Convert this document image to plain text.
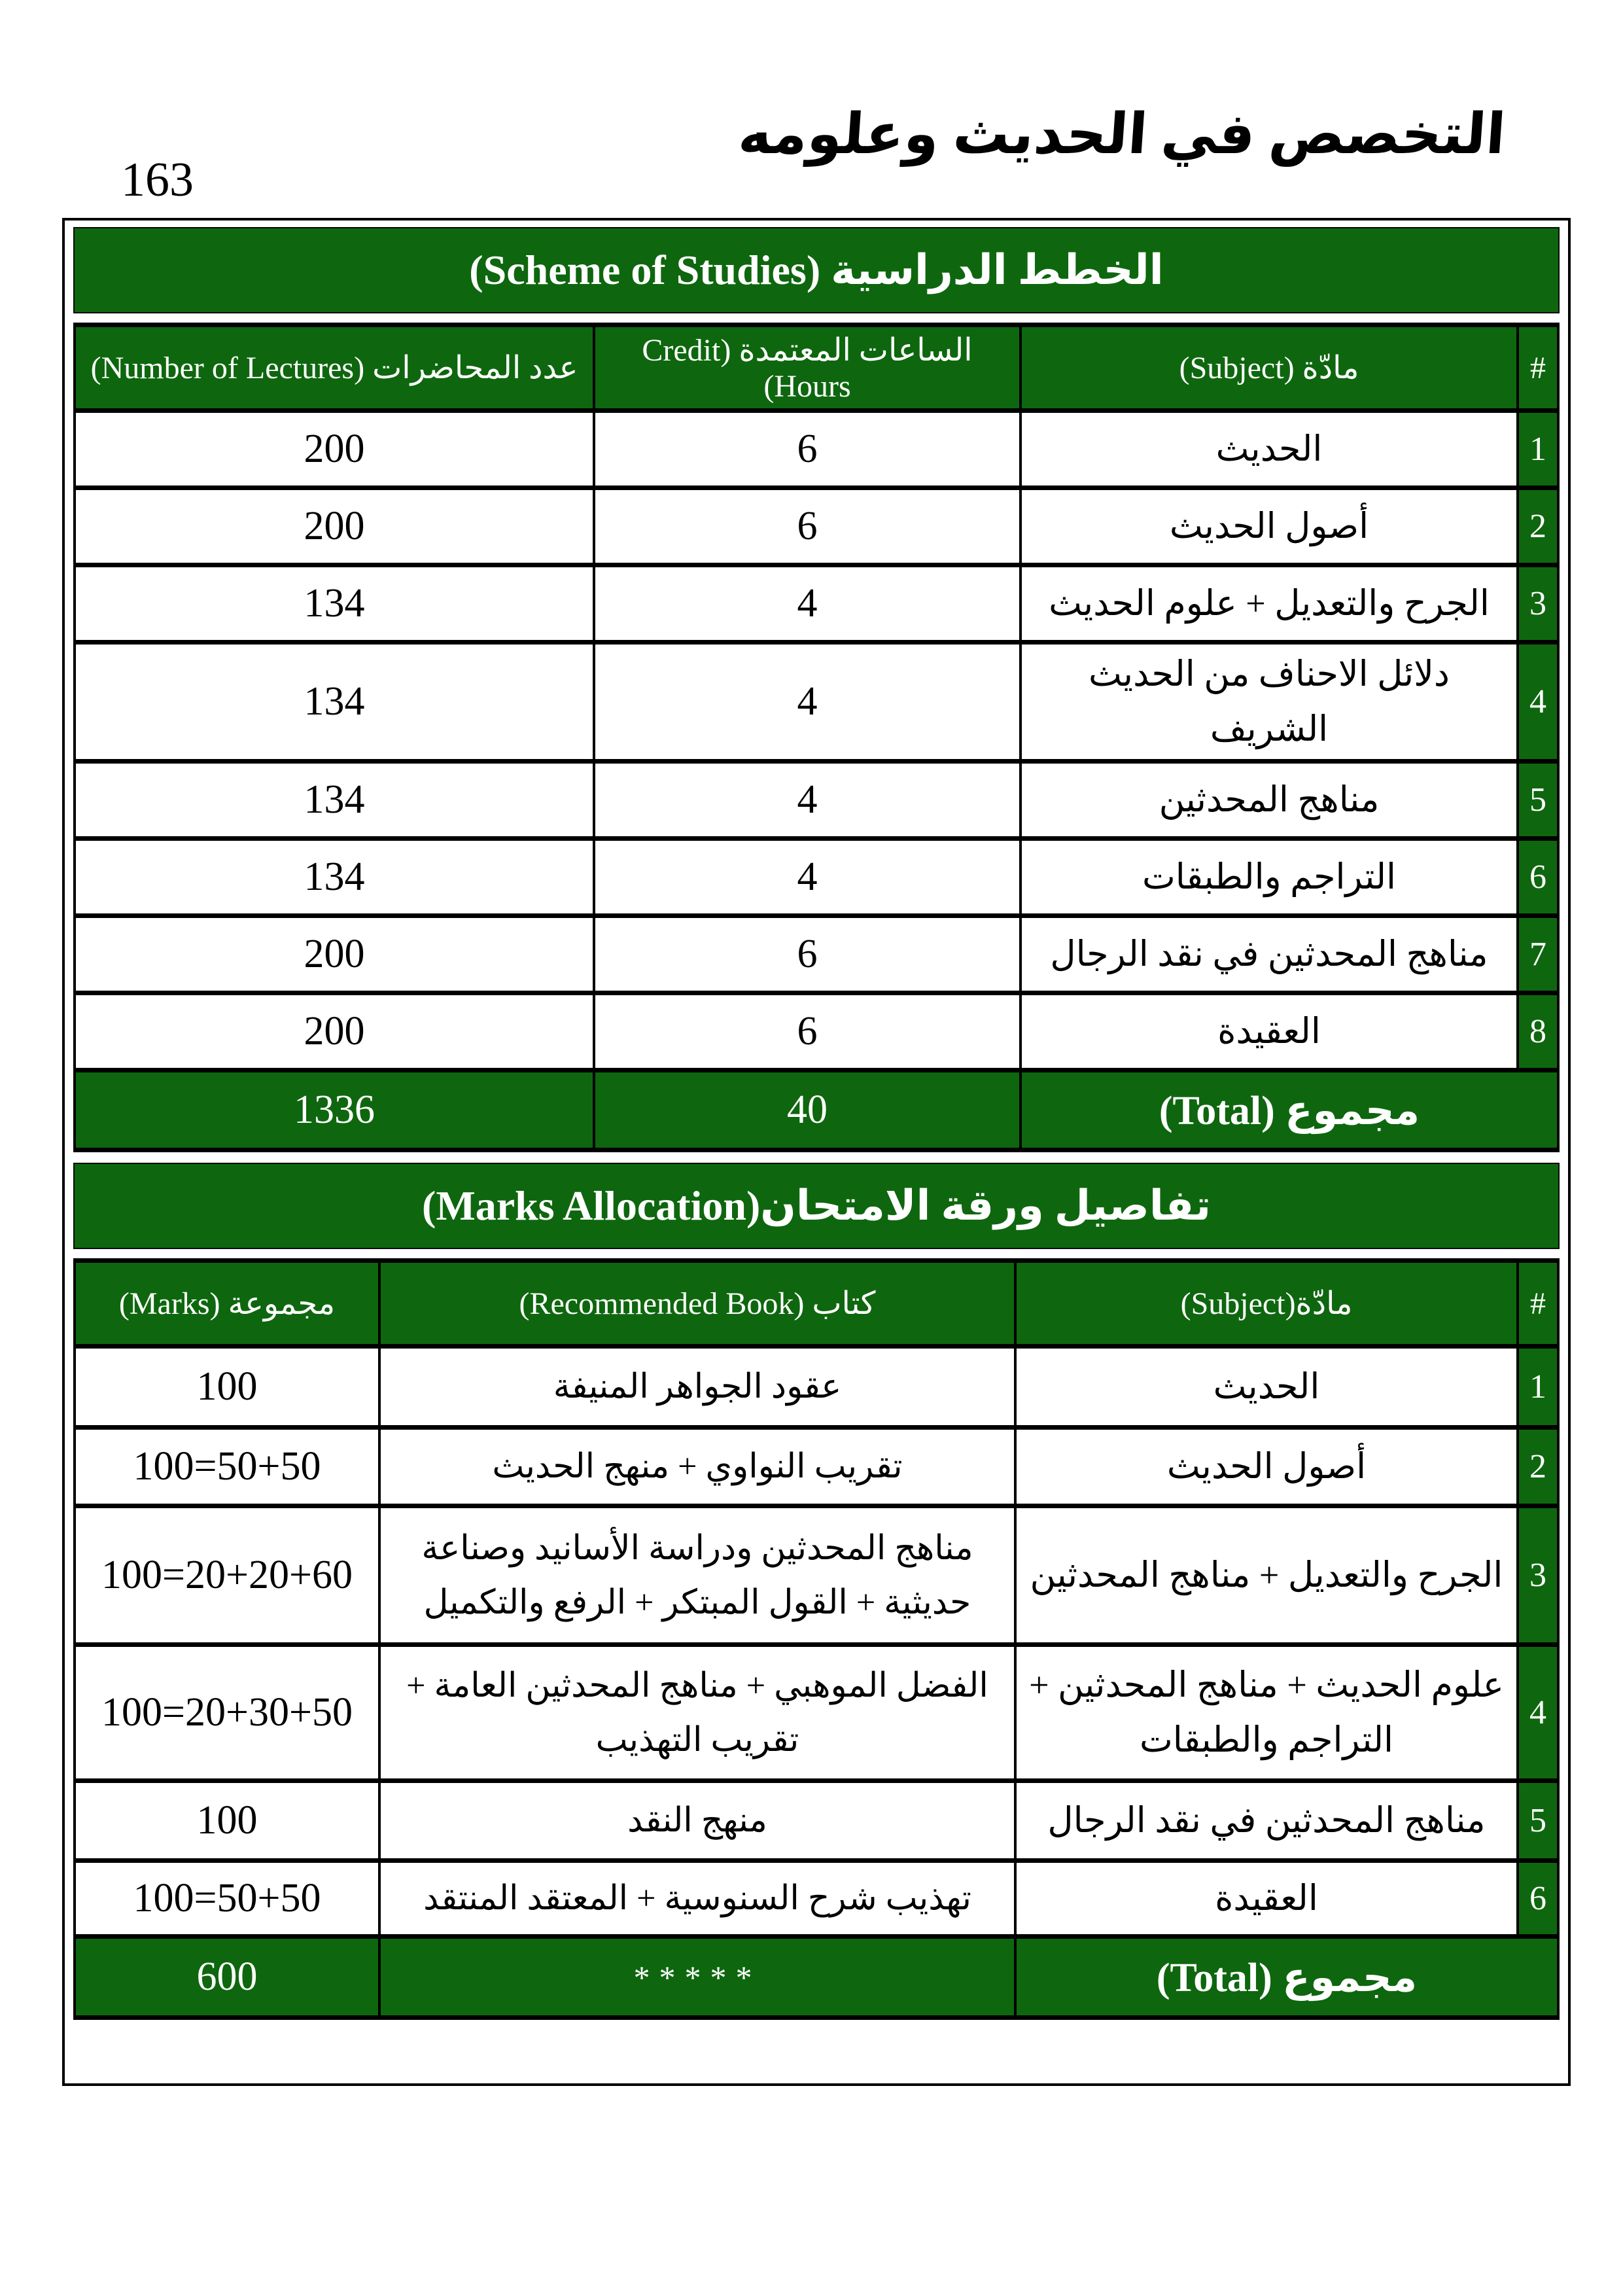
163
التخصص في الحديث وعلومه
الخطط الدراسية (Scheme of Studies)
#	مادّة (Subject)	الساعات المعتمدة (Credit Hours)	عدد المحاضرات (Number of Lectures)
1	الحديث	6	200
2	أصول الحديث	6	200
3	الجرح والتعديل + علوم الحديث	4	134
4	دلائل الاحناف من الحديث الشريف	4	134
5	مناهج المحدثين	4	134
6	التراجم والطبقات	4	134
7	مناهج المحدثين في نقد الرجال	6	200
8	العقيدة	6	200
مجموع (Total)		40	1336
تفاصيل ورقة الامتحان(Marks Allocation)
#	مادّة(Subject)	كتاب (Recommended Book)	مجموعة (Marks)
1	الحديث	عقود الجواهر المنيفة	100
2	أصول الحديث	تقريب النواوي + منهج الحديث	100=50+50
3	الجرح والتعديل + مناهج المحدثين	مناهج المحدثين ودراسة الأسانيد وصناعة حديثية + القول المبتكر + الرفع والتكميل	100=20+20+60
4	علوم الحديث + مناهج المحدثين + التراجم والطبقات	الفضل الموهبي + مناهج المحدثين العامة + تقريب التهذيب	100=20+30+50
5	مناهج المحدثين في نقد الرجال	منهج النقد	100
6	العقيدة	تهذيب شرح السنوسية + المعتقد المنتقد	100=50+50
مجموع (Total)		*****	600
